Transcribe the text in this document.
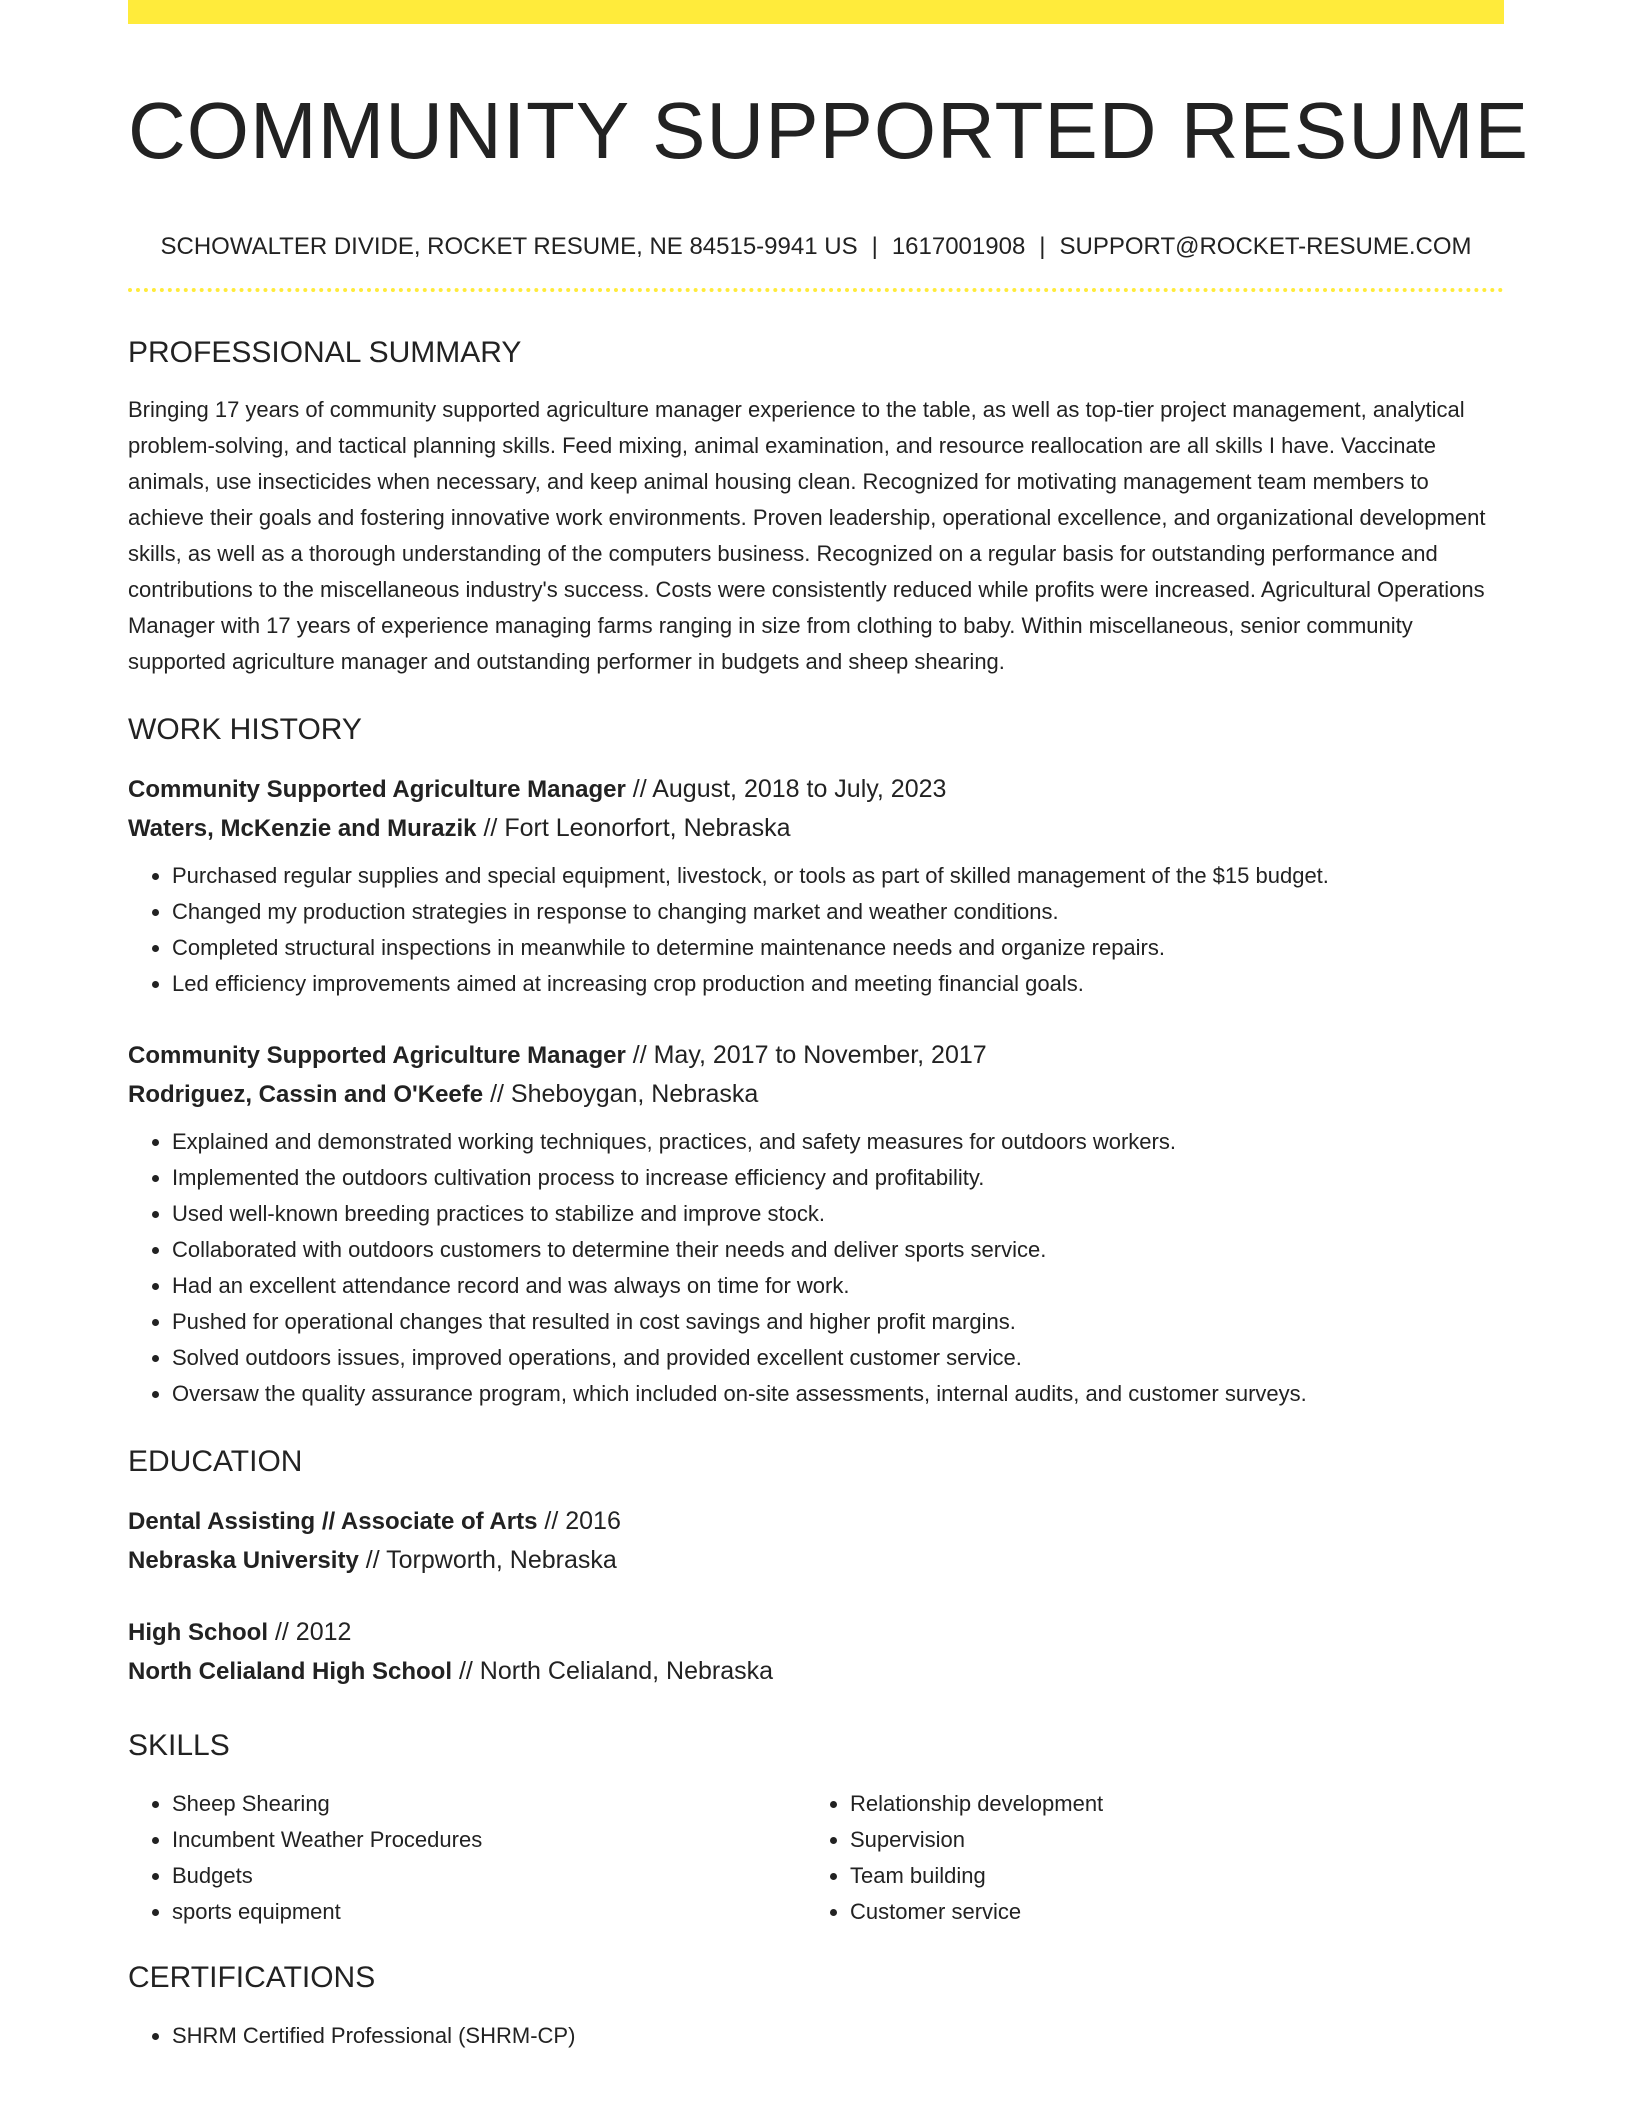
COMMUNITY SUPPORTED RESUME
SCHOWALTER DIVIDE, ROCKET RESUME, NE 84515-9941 US | 1617001908 | SUPPORT@ROCKET-RESUME.COM
PROFESSIONAL SUMMARY

Bringing 17 years of community supported agriculture manager experience to the table, as well as top-tier project management, analytical problem-solving, and tactical planning skills. Feed mixing, animal examination, and resource reallocation are all skills I have. Vaccinate animals, use insecticides when necessary, and keep animal housing clean. Recognized for motivating management team members to achieve their goals and fostering innovative work environments. Proven leadership, operational excellence, and organizational development skills, as well as a thorough understanding of the computers business. Recognized on a regular basis for outstanding performance and contributions to the miscellaneous industry's success. Costs were consistently reduced while profits were increased. Agricultural Operations Manager with 17 years of experience managing farms ranging in size from clothing to baby. Within miscellaneous, senior community supported agriculture manager and outstanding performer in budgets and sheep shearing.

WORK HISTORY
Community Supported Agriculture Manager // August, 2018 to July, 2023
Waters, McKenzie and Murazik // Fort Leonorfort, Nebraska
• Purchased regular supplies and special equipment, livestock, or tools as part of skilled management of the $15 budget.
• Changed my production strategies in response to changing market and weather conditions.
• Completed structural inspections in meanwhile to determine maintenance needs and organize repairs.
• Led efficiency improvements aimed at increasing crop production and meeting financial goals.
Community Supported Agriculture Manager // May, 2017 to November, 2017
Rodriguez, Cassin and O'Keefe // Sheboygan, Nebraska
• Explained and demonstrated working techniques, practices, and safety measures for outdoors workers.
• Implemented the outdoors cultivation process to increase efficiency and profitability.
• Used well-known breeding practices to stabilize and improve stock.
• Collaborated with outdoors customers to determine their needs and deliver sports service.
• Had an excellent attendance record and was always on time for work.
• Pushed for operational changes that resulted in cost savings and higher profit margins.
• Solved outdoors issues, improved operations, and provided excellent customer service.
• Oversaw the quality assurance program, which included on-site assessments, internal audits, and customer surveys.
EDUCATION
Dental Assisting // Associate of Arts // 2016
Nebraska University // Torpworth, Nebraska
High School // 2012
North Celialand High School // North Celialand, Nebraska
SKILLS
• Sheep Shearing
• Incumbent Weather Procedures
• Budgets
• sports equipment
• Relationship development
• Supervision
• Team building
• Customer service
CERTIFICATIONS
• SHRM Certified Professional (SHRM-CP)
